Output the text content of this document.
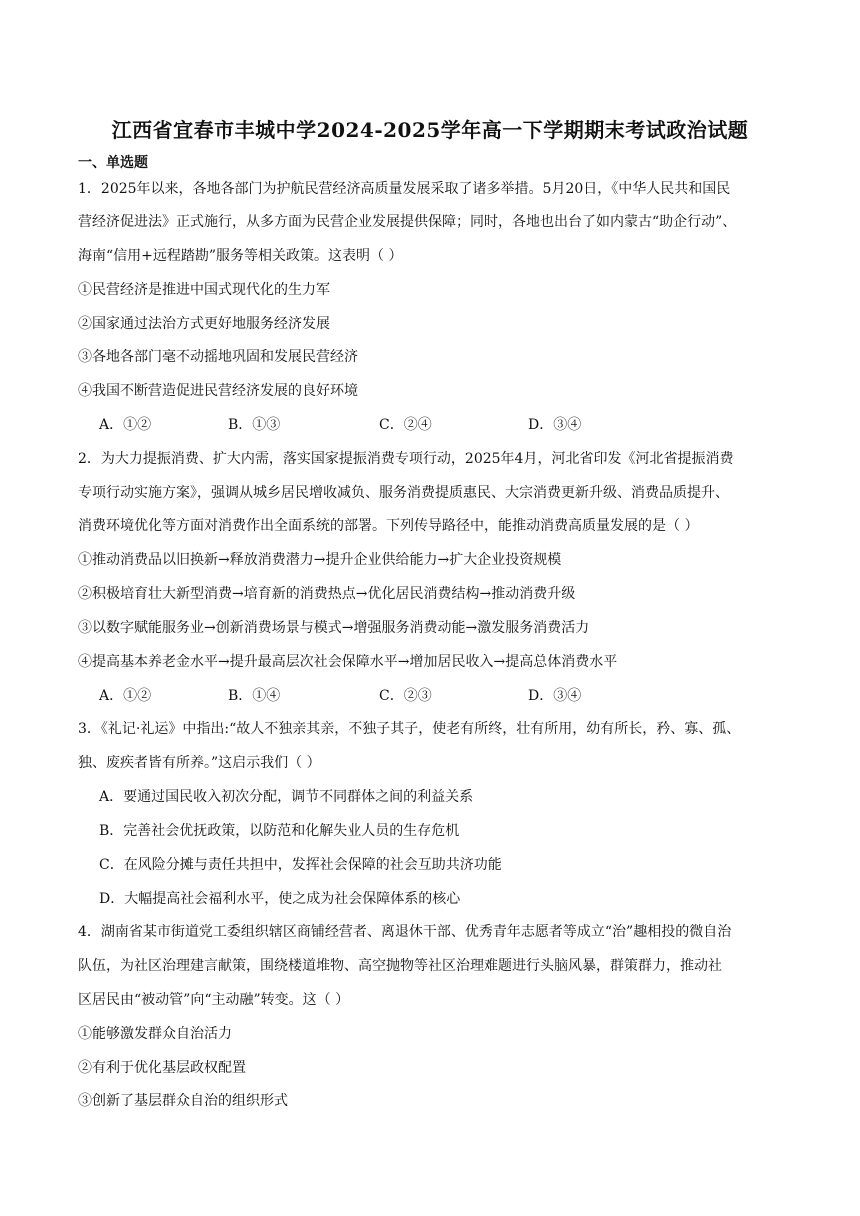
江西省宜春市丰城中学2024-2025学年高一下学期期末考试政治试题
一、单选题
1．2025年以来，各地各部门为护航民营经济高质量发展采取了诸多举措。5月20日，《中华人民共和国民
营经济促进法》正式施行，从多方面为民营企业发展提供保障；同时，各地也出台了如内蒙古“助企行动”、
海南“信用+远程踏勘”服务等相关政策。这表明（ ）
①民营经济是推进中国式现代化的生力军
②国家通过法治方式更好地服务经济发展
③各地各部门毫不动摇地巩固和发展民营经济
④我国不断营造促进民营经济发展的良好环境
A．①②	B．①③	C．②④	D．③④
2．为大力提振消费、扩大内需，落实国家提振消费专项行动，2025年4月，河北省印发《河北省提振消费
专项行动实施方案》，强调从城乡居民增收减负、服务消费提质惠民、大宗消费更新升级、消费品质提升、
消费环境优化等方面对消费作出全面系统的部署。下列传导路径中，能推动消费高质量发展的是（ ）
①推动消费品以旧换新→释放消费潜力→提升企业供给能力→扩大企业投资规模
②积极培育壮大新型消费→培育新的消费热点→优化居民消费结构→推动消费升级
③以数字赋能服务业→创新消费场景与模式→增强服务消费动能→激发服务消费活力
④提高基本养老金水平→提升最高层次社会保障水平→增加居民收入→提高总体消费水平
A．①②	B．①④	C．②③	D．③④
3．《礼记·礼运》中指出:“故人不独亲其亲，不独子其子，使老有所终，壮有所用，幼有所长，矜、寡、孤、
独、废疾者皆有所养。”这启示我们（ ）
A．要通过国民收入初次分配，调节不同群体之间的利益关系
B．完善社会优抚政策，以防范和化解失业人员的生存危机
C．在风险分摊与责任共担中，发挥社会保障的社会互助共济功能
D．大幅提高社会福利水平，使之成为社会保障体系的核心
4．湖南省某市街道党工委组织辖区商铺经营者、离退休干部、优秀青年志愿者等成立“治”趣相投的微自治
队伍，为社区治理建言献策，围绕楼道堆物、高空抛物等社区治理难题进行头脑风暴，群策群力，推动社
区居民由“被动管”向“主动融”转变。这（ ）
①能够激发群众自治活力
②有利于优化基层政权配置
③创新了基层群众自治的组织形式
